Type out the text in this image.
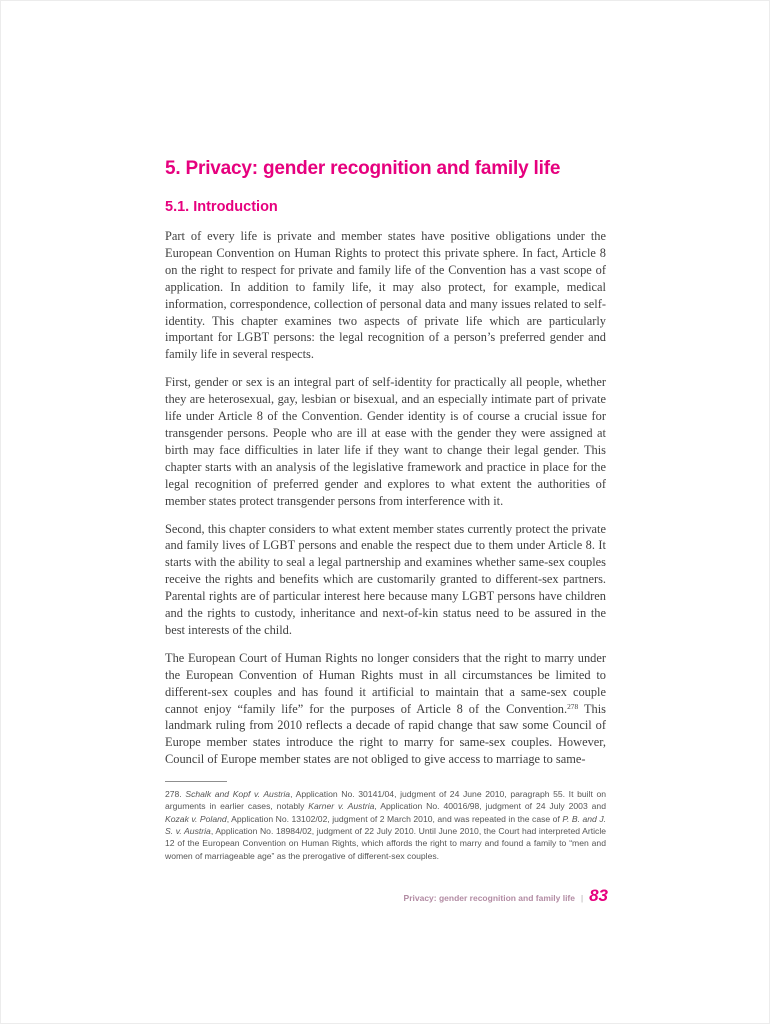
5. Privacy: gender recognition and family life
5.1. Introduction

Part of every life is private and member states have positive obligations under the European Convention on Human Rights to protect this private sphere. In fact, Article 8 on the right to respect for private and family life of the Convention has a vast scope of application. In addition to family life, it may also protect, for example, medical information, correspondence, collection of personal data and many issues related to self-identity. This chapter examines two aspects of private life which are particularly important for LGBT persons: the legal recognition of a person’s preferred gender and family life in several respects.

First, gender or sex is an integral part of self-identity for practically all people, whether they are heterosexual, gay, lesbian or bisexual, and an especially intimate part of private life under Article 8 of the Convention. Gender identity is of course a crucial issue for transgender persons. People who are ill at ease with the gender they were assigned at birth may face difficulties in later life if they want to change their legal gender. This chapter starts with an analysis of the legislative framework and practice in place for the legal recognition of preferred gender and explores to what extent the authorities of member states protect transgender persons from interference with it.

Second, this chapter considers to what extent member states currently protect the private and family lives of LGBT persons and enable the respect due to them under Article 8. It starts with the ability to seal a legal partnership and examines whether same-sex couples receive the rights and benefits which are customarily granted to different-sex partners. Parental rights are of particular interest here because many LGBT persons have children and the rights to custody, inheritance and next-of-kin status need to be assured in the best interests of the child.

The European Court of Human Rights no longer considers that the right to marry under the European Convention of Human Rights must in all circumstances be limited to different-sex couples and has found it artificial to maintain that a same-sex couple cannot enjoy “family life” for the purposes of Article 8 of the Convention.$^{278}$ This landmark ruling from 2010 reflects a decade of rapid change that saw some Council of Europe member states introduce the right to marry for same-sex couples. However, Council of Europe member states are not obliged to give access to marriage to same-

278. Schalk and Kopf v. Austria, Application No. 30141/04, judgment of 24 June 2010, paragraph 55. It built on arguments in earlier cases, notably Karner v. Austria, Application No. 40016/98, judgment of 24 July 2003 and Kozak v. Poland, Application No. 13102/02, judgment of 2 March 2010, and was repeated in the case of P. B. and J. S. v. Austria, Application No. 18984/02, judgment of 22 July 2010. Until June 2010, the Court had interpreted Article 12 of the European Convention on Human Rights, which affords the right to marry and found a family to “men and women of marriageable age” as the prerogative of different-sex couples.

Privacy: gender recognition and family life | 83
